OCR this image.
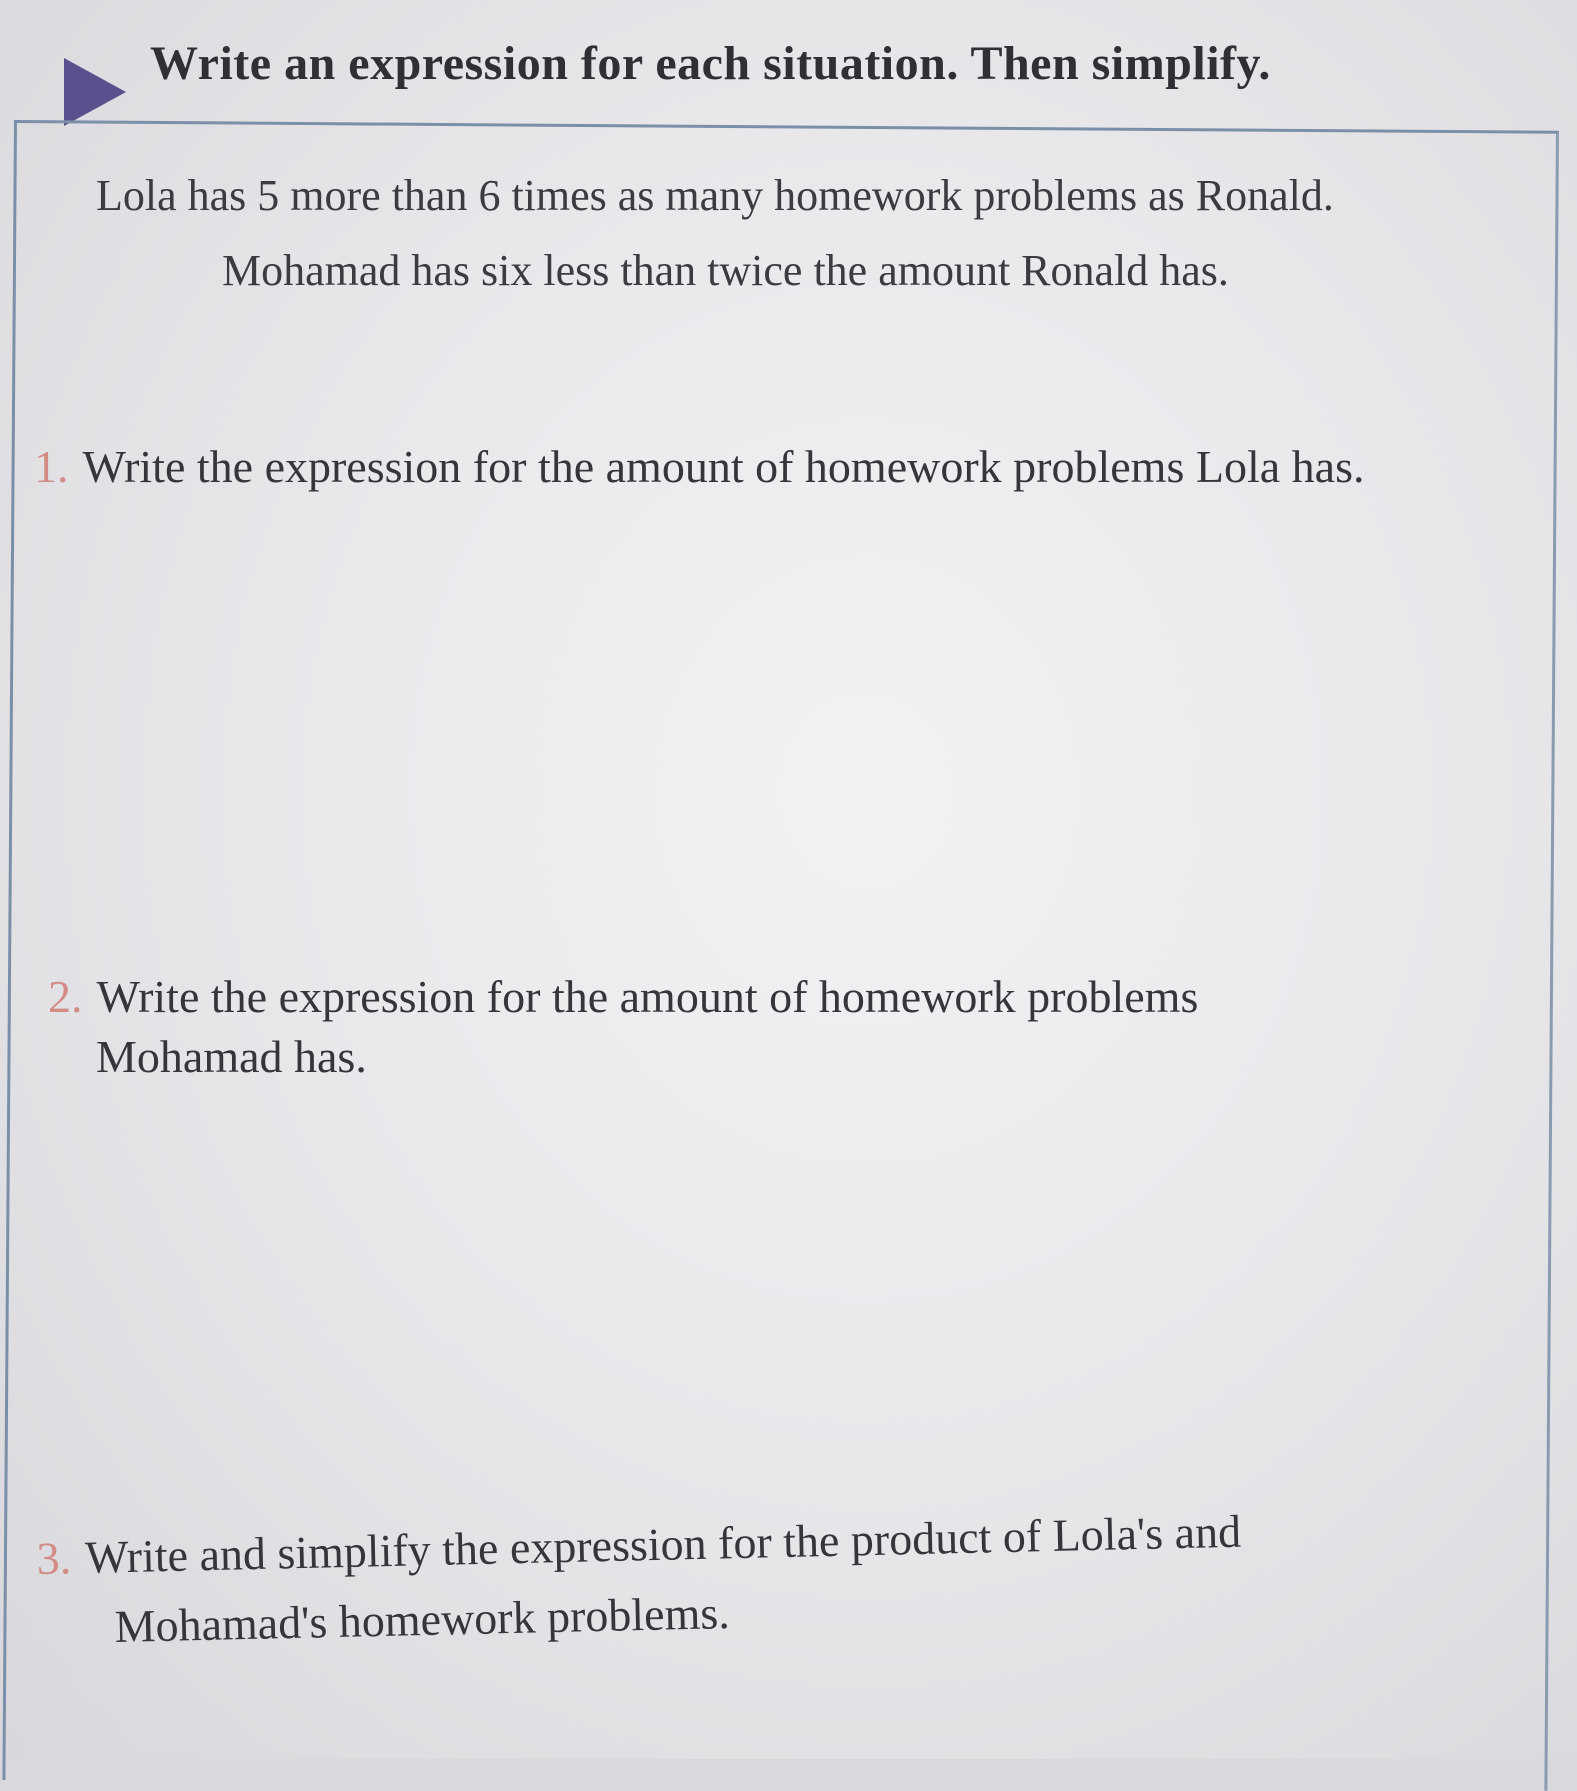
Write an expression for each situation. Then simplify.
Lola has 5 more than 6 times as many homework problems as Ronald.
Mohamad has six less than twice the amount Ronald has.
1. Write the expression for the amount of homework problems Lola has.
2. Write the expression for the amount of homework problems
Mohamad has.
3. Write and simplify the expression for the product of Lola's and
Mohamad's homework problems.
